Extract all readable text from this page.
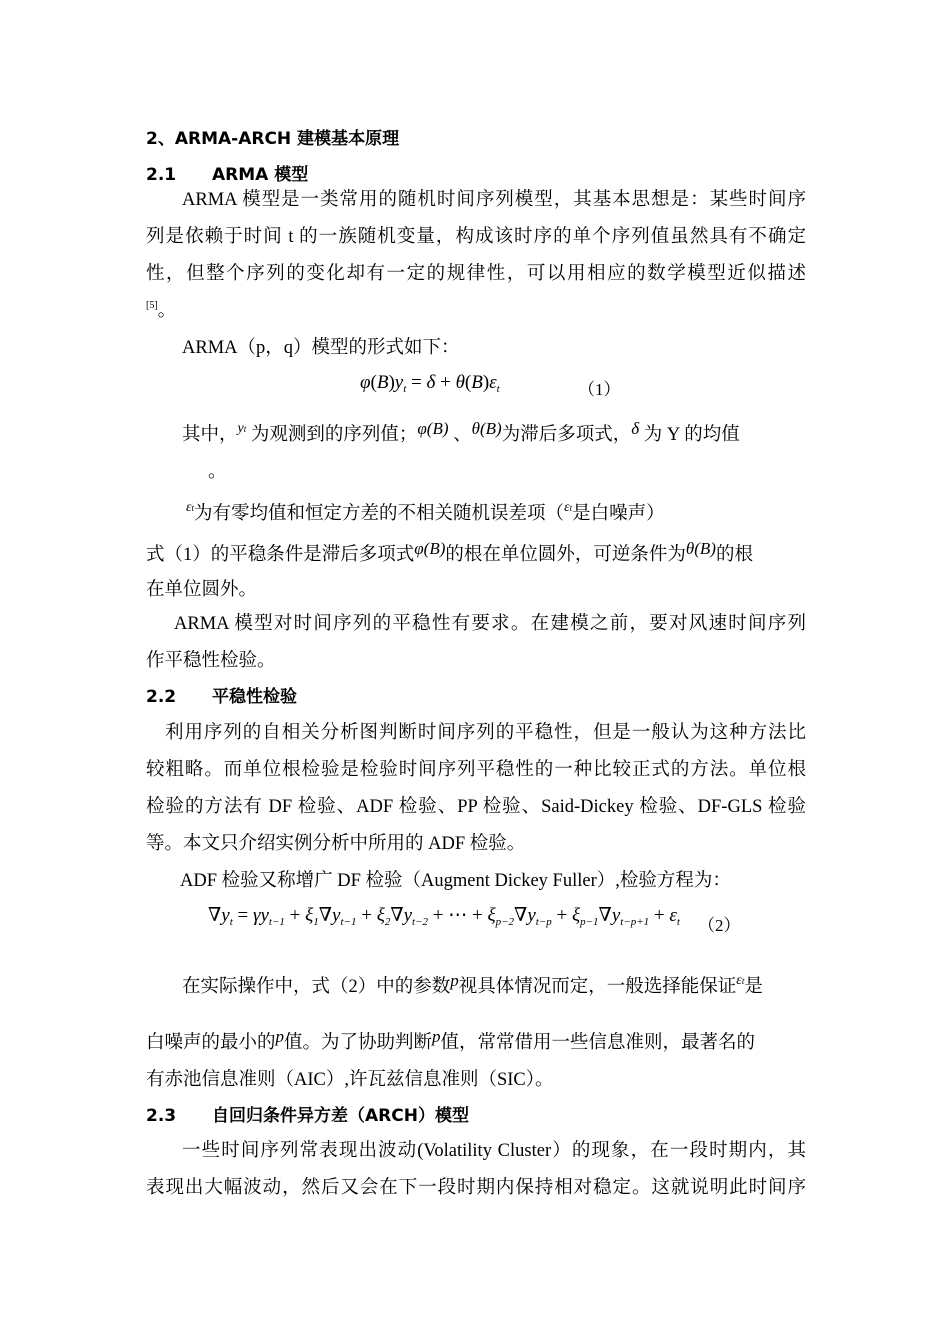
2、ARMA-ARCH 建模基本原理
2.1 ARMA 模型
ARMA 模型是一类常用的随机时间序列模型，其基本思想是：某些时间序
列是依赖于时间 t 的一族随机变量，构成该时序的单个序列值虽然具有不确定
性，但整个序列的变化却有一定的规律性，可以用相应的数学模型近似描述
[5]。
ARMA（p，q）模型的形式如下：
$\varphi(B)y_t = \delta + \theta(B)\varepsilon_t$	（1）
其中，$^{yt}$ 为观测到的序列值；φ(B) 、θ(B)为滞后多项式，δ 为 Y 的均值
。
$^{\varepsilon t}$为有零均值和恒定方差的不相关随机误差项（$^{\varepsilon t}$是白噪声）
式（1）的平稳条件是滞后多项式φ(B)的根在单位圆外，可逆条件为θ(B)的根
在单位圆外。
ARMA 模型对时间序列的平稳性有要求。在建模之前，要对风速时间序列
作平稳性检验。
2.2 平稳性检验
利用序列的自相关分析图判断时间序列的平稳性，但是一般认为这种方法比
较粗略。而单位根检验是检验时间序列平稳性的一种比较正式的方法。单位根
检验的方法有 DF 检验、ADF 检验、PP 检验、Said-Dickey 检验、DF-GLS 检验
等。本文只介绍实例分析中所用的 ADF 检验。
ADF 检验又称增广 DF 检验（Augment Dickey Fuller）,检验方程为：
$\nabla y_t = \gamma y_{t-1} + \xi_1\nabla y_{t-1} + \xi_2\nabla y_{t-2}$ + ⋯ + $\xi_{p-2}\nabla y_{t-p} + \xi_{p-1}\nabla y_{t-p+1} + \varepsilon_t$ （2）
在实际操作中，式（2）中的参数p视具体情况而定，一般选择能保证$^{\varepsilon t}$是
白噪声的最小的p值。为了协助判断p值，常常借用一些信息准则，最著名的
有赤池信息准则（AIC）,许瓦兹信息准则（SIC）。
2.3 自回归条件异方差（ARCH）模型
一些时间序列常表现出波动(Volatility Cluster）的现象，在一段时期内，其
表现出大幅波动，然后又会在下一段时期内保持相对稳定。这就说明此时间序
